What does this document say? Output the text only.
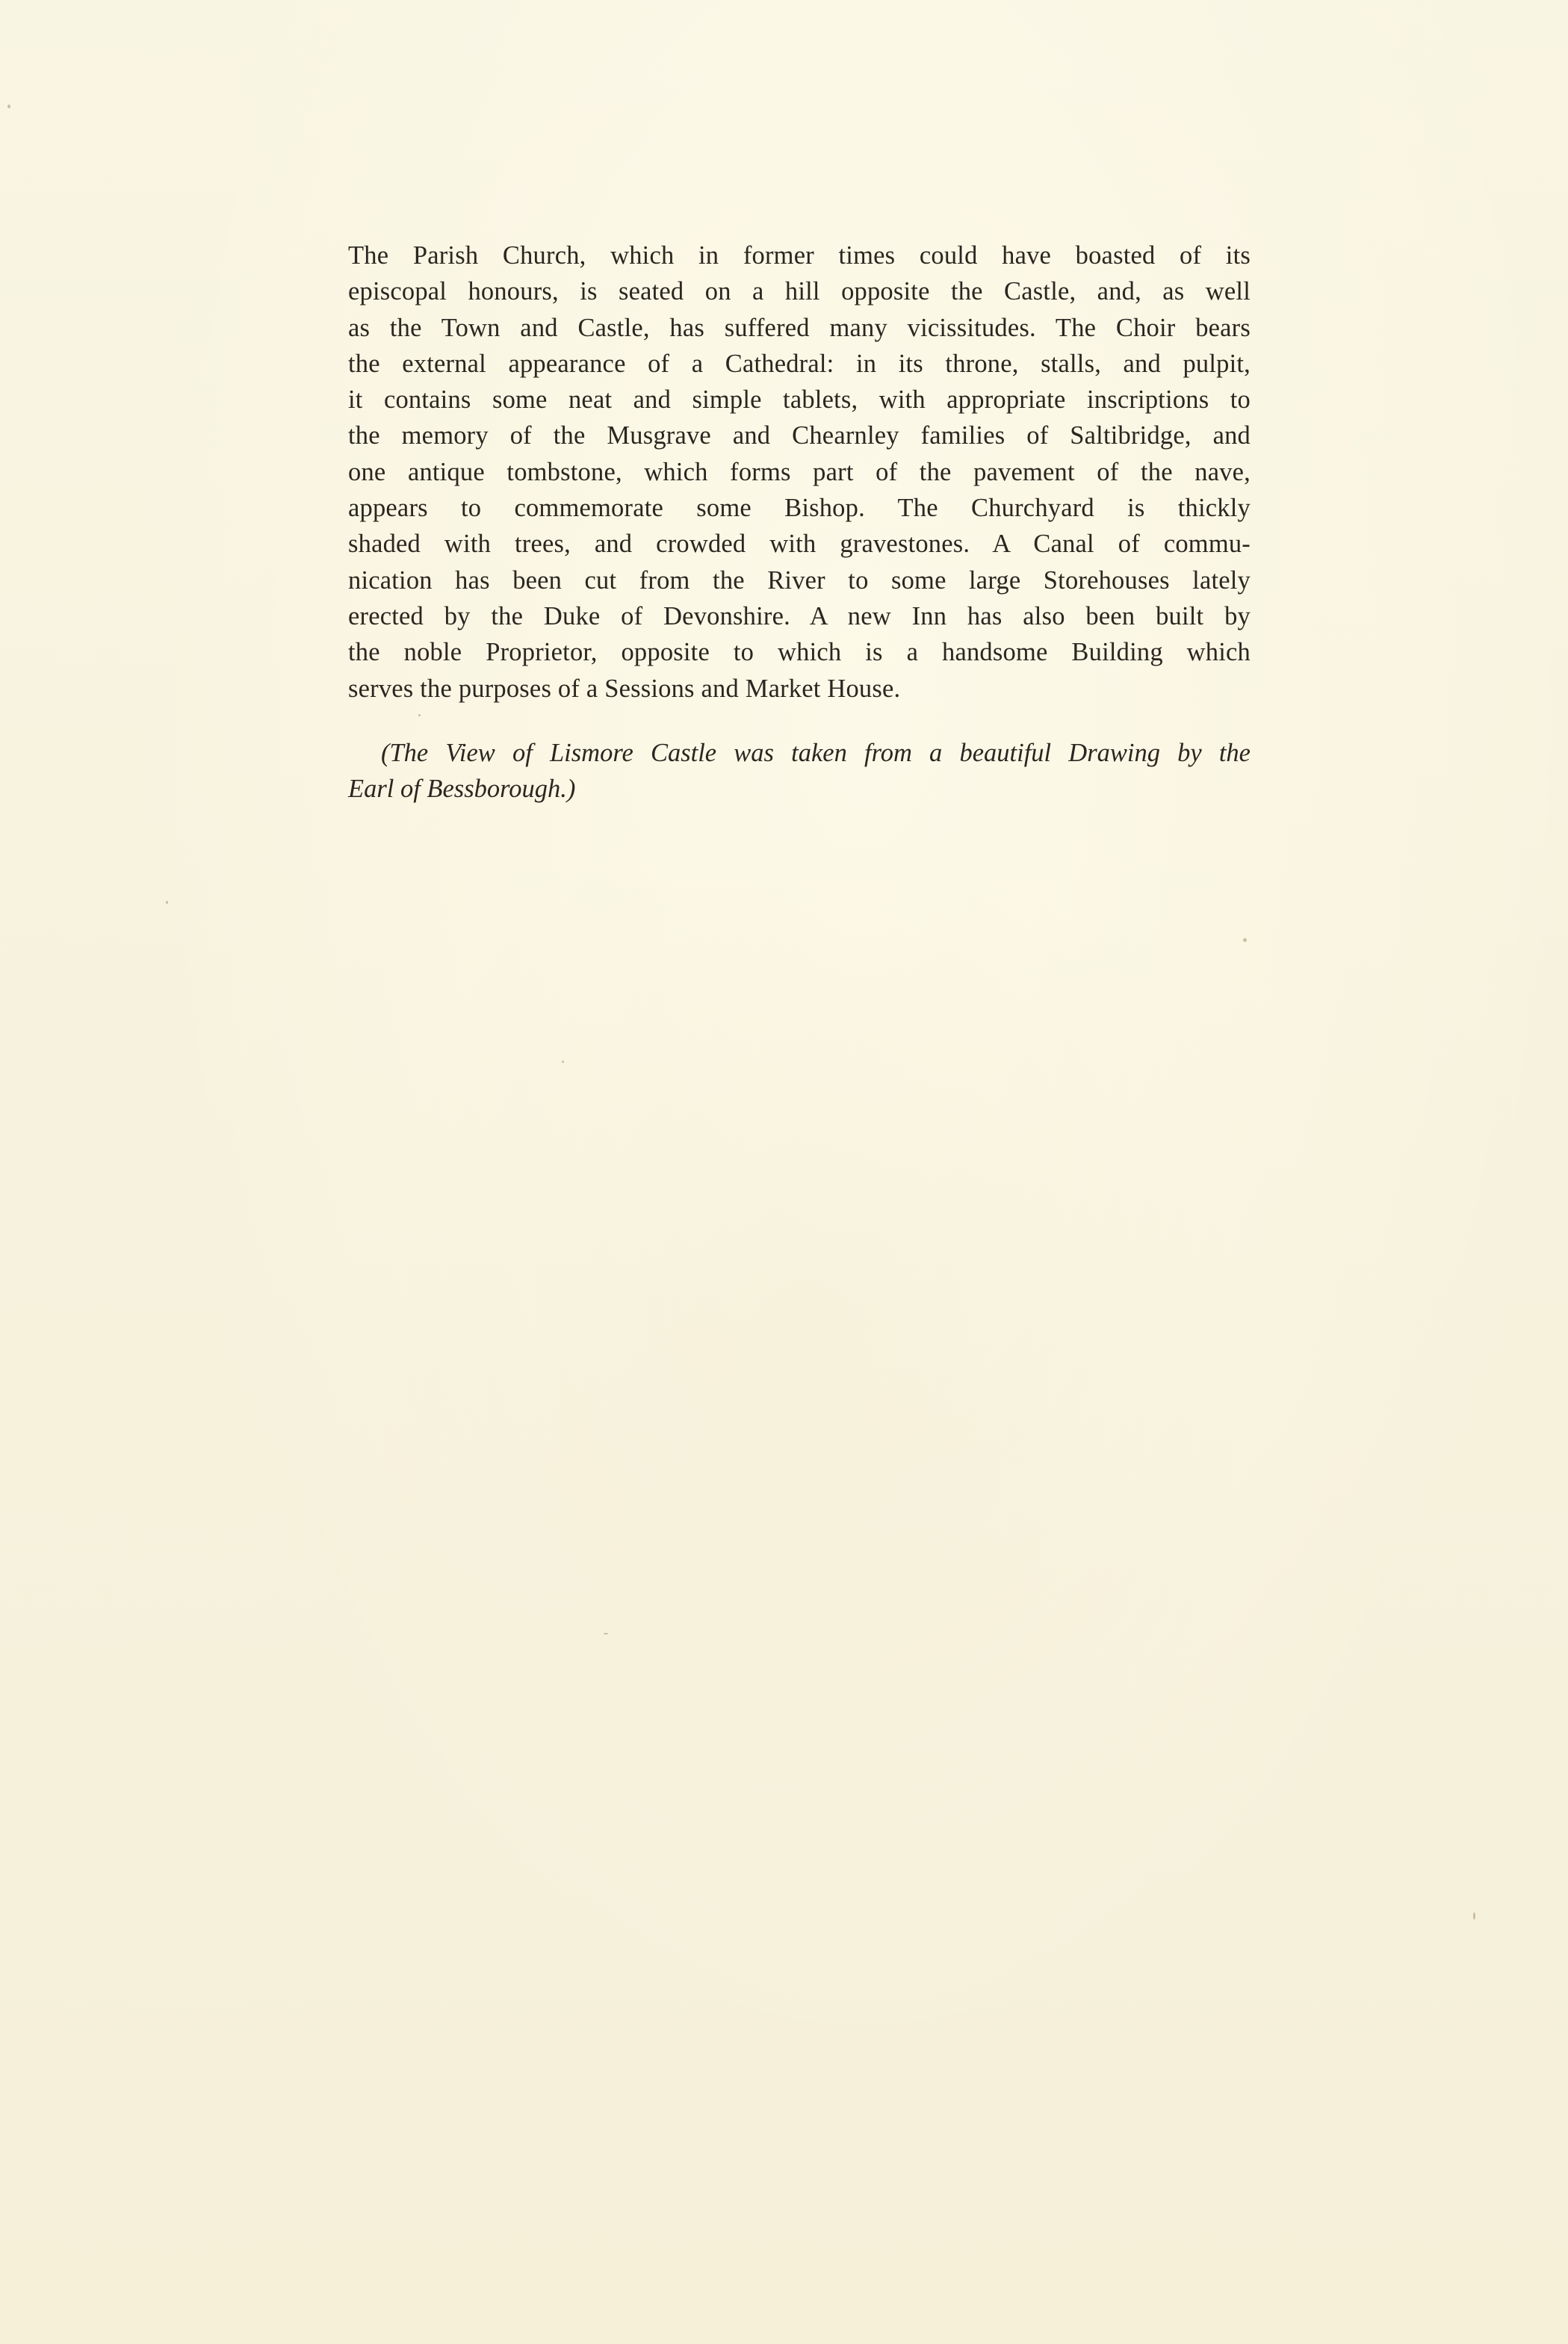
The Parish Church, which in former times could have boasted of its
episcopal honours, is seated on a hill opposite the Castle, and, as well
as the Town and Castle, has suffered many vicissitudes. The Choir bears
the external appearance of a Cathedral: in its throne, stalls, and pulpit,
it contains some neat and simple tablets, with appropriate inscriptions to
the memory of the Musgrave and Chearnley families of Saltibridge, and
one antique tombstone, which forms part of the pavement of the nave,
appears to commemorate some Bishop. The Churchyard is thickly
shaded with trees, and crowded with gravestones. A Canal of commu-
nication has been cut from the River to some large Storehouses lately
erected by the Duke of Devonshire. A new Inn has also been built by
the noble Proprietor, opposite to which is a handsome Building which
serves the purposes of a Sessions and Market House.

(The View of Lismore Castle was taken from a beautiful Drawing by the
Earl of Bessborough.)
